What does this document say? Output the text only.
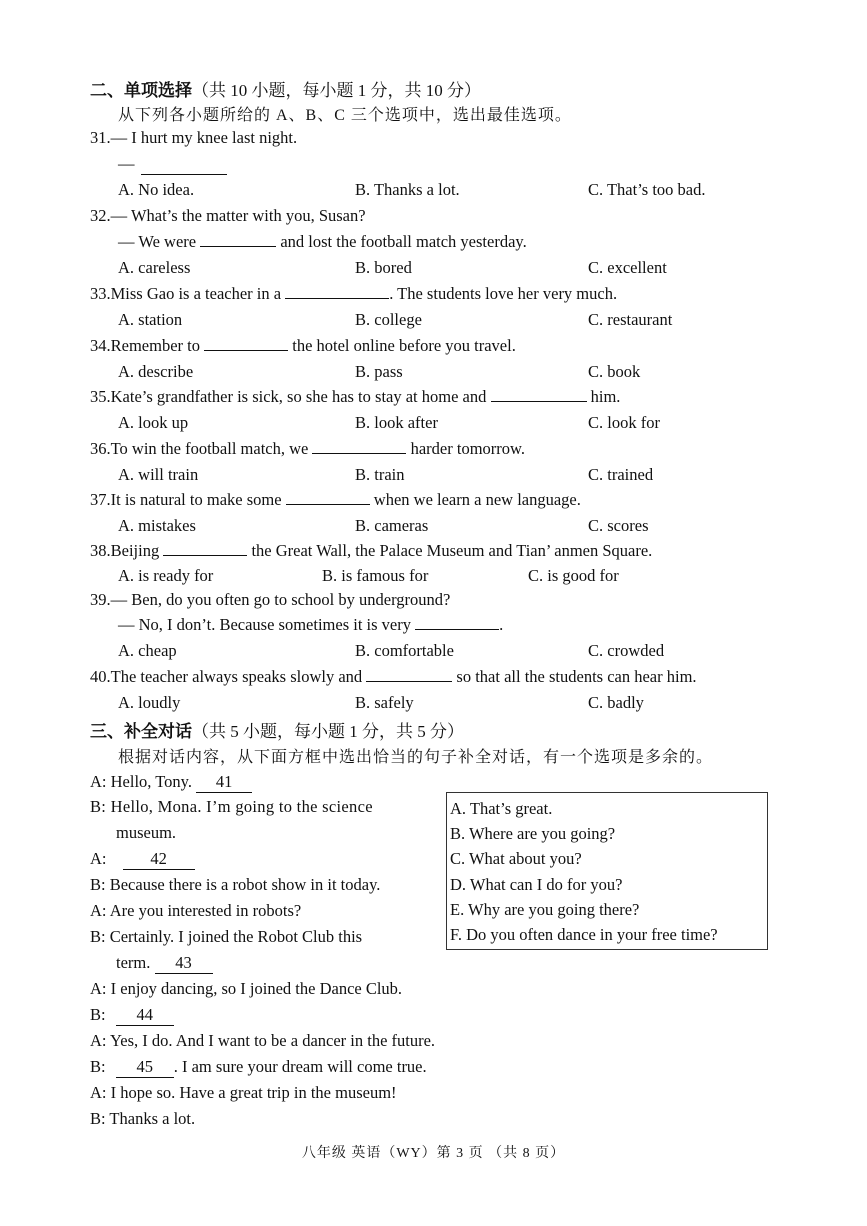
二、单项选择（共 10 小题，每小题 1 分，共 10 分）
从下列各小题所给的 A、B、C 三个选项中，选出最佳选项。
31.— I hurt my knee last night.
—
A. No idea.	B. Thanks a lot.	C. That’s too bad.
32.— What’s the matter with you, Susan?
— We were	and lost the football match yesterday.
A. careless	B. bored	C. excellent
33.Miss Gao is a teacher in a	. The students love her very much.
A. station	B. college	C. restaurant
34.Remember to	the hotel online before you travel.
A. describe	B. pass	C. book
35.Kate’s grandfather is sick, so she has to stay at home and	him.
A. look up	B. look after	C. look for
36.To win the football match, we	harder tomorrow.
A. will train	B. train	C. trained
37.It is natural to make some	when we learn a new language.
A. mistakes	B. cameras	C. scores
38.Beijing	the Great Wall, the Palace Museum and Tian’ anmen Square.
A. is ready for	B. is famous for	C. is good for
39.— Ben, do you often go to school by underground?
— No, I don’t. Because sometimes it is very	.
A. cheap	B. comfortable	C. crowded
40.The teacher always speaks slowly and	so that all the students can hear him.
A. loudly	B. safely	C. badly
三、补全对话（共 5 小题，每小题 1 分，共 5 分）
根据对话内容，从下面方框中选出恰当的句子补全对话，有一个选项是多余的。
A: Hello, Tony. 41
B: Hello, Mona. I’m going to the science
museum.
A:	42
B: Because there is a robot show in it today.
A: Are you interested in robots?
B: Certainly. I joined the Robot Club this
term. 43
A: I enjoy dancing, so I joined the Dance Club.
B: 44
A: Yes, I do. And I want to be a dancer in the future.
B: 45 . I am sure your dream will come true.
A: I hope so. Have a great trip in the museum!
B: Thanks a lot.
A. That’s great.
B. Where are you going?
C. What about you?
D. What can I do for you?
E. Why are you going there?
F. Do you often dance in your free time?
八年级 英语（WY）第 3 页 （共 8 页）
